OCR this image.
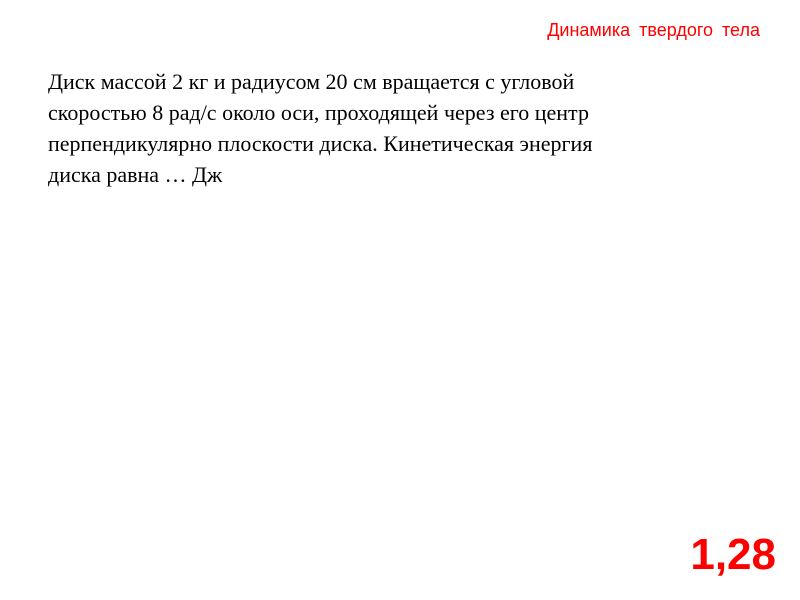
Динамика твердого тела
Диск массой 2 кг и радиусом 20 см вращается с угловой
скоростью 8 рад/с около оси, проходящей через его центр
перпендикулярно плоскости диска. Кинетическая энергия
диска равна … Дж
1,28
